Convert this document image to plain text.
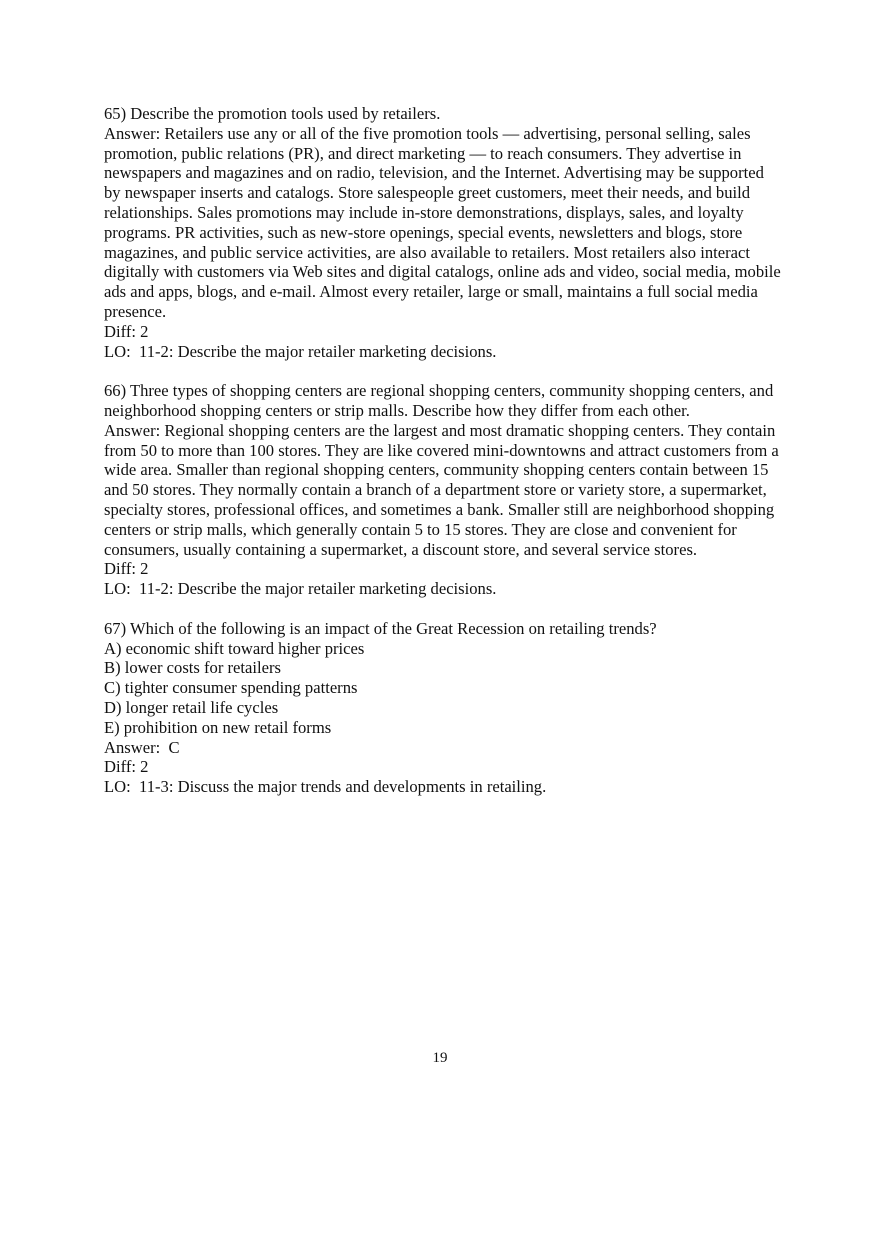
65) Describe the promotion tools used by retailers.
Answer: Retailers use any or all of the five promotion tools — advertising, personal selling, sales promotion, public relations (PR), and direct marketing — to reach consumers. They advertise in newspapers and magazines and on radio, television, and the Internet. Advertising may be supported by newspaper inserts and catalogs. Store salespeople greet customers, meet their needs, and build relationships. Sales promotions may include in-store demonstrations, displays, sales, and loyalty programs. PR activities, such as new-store openings, special events, newsletters and blogs, store magazines, and public service activities, are also available to retailers. Most retailers also interact digitally with customers via Web sites and digital catalogs, online ads and video, social media, mobile ads and apps, blogs, and e-mail. Almost every retailer, large or small, maintains a full social media presence.
Diff: 2
LO:  11-2: Describe the major retailer marketing decisions.
66) Three types of shopping centers are regional shopping centers, community shopping centers, and neighborhood shopping centers or strip malls. Describe how they differ from each other.
Answer: Regional shopping centers are the largest and most dramatic shopping centers. They contain from 50 to more than 100 stores. They are like covered mini-downtowns and attract customers from a wide area. Smaller than regional shopping centers, community shopping centers contain between 15 and 50 stores. They normally contain a branch of a department store or variety store, a supermarket, specialty stores, professional offices, and sometimes a bank. Smaller still are neighborhood shopping centers or strip malls, which generally contain 5 to 15 stores. They are close and convenient for consumers, usually containing a supermarket, a discount store, and several service stores.
Diff: 2
LO:  11-2: Describe the major retailer marketing decisions.
67) Which of the following is an impact of the Great Recession on retailing trends?
A) economic shift toward higher prices
B) lower costs for retailers
C) tighter consumer spending patterns
D) longer retail life cycles
E) prohibition on new retail forms
Answer:  C
Diff: 2
LO:  11-3: Discuss the major trends and developments in retailing.
19
